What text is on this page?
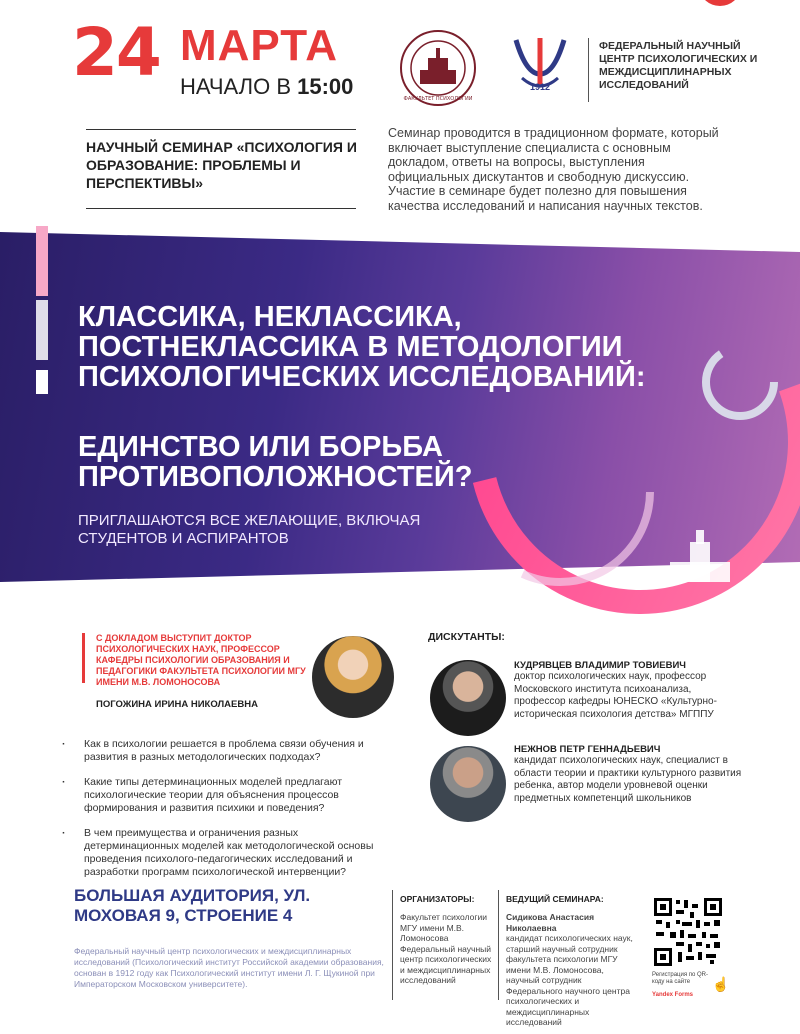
24 МАРТА
НАЧАЛО В 15:00	ФАКУЛЬТЕТ ПСИХОЛОГИИ
1912
ФЕДЕРАЛЬНЫЙ НАУЧНЫЙ ЦЕНТР ПСИХОЛОГИЧЕСКИХ И МЕЖДИСЦИПЛИНАРНЫХ ИССЛЕДОВАНИЙ
НАУЧНЫЙ СЕМИНАР «ПСИХОЛОГИЯ И ОБРАЗОВАНИЕ: ПРОБЛЕМЫ И ПЕРСПЕКТИВЫ»
Семинар проводится в традиционном формате, который включает выступление специалиста с основным докладом, ответы на вопросы, выступления официальных дискутантов и свободную дискуссию. Участие в семинаре будет полезно для повышения качества исследований и написания научных текстов.
КЛАССИКА, НЕКЛАССИКА, ПОСТНЕКЛАССИКА В МЕТОДОЛОГИИ ПСИХОЛОГИЧЕСКИХ ИССЛЕДОВАНИЙ:
ЕДИНСТВО ИЛИ БОРЬБА ПРОТИВОПОЛОЖНОСТЕЙ?
ПРИГЛАШАЮТСЯ ВСЕ ЖЕЛАЮЩИЕ, ВКЛЮЧАЯ СТУДЕНТОВ И АСПИРАНТОВ
С ДОКЛАДОМ ВЫСТУПИТ ДОКТОР ПСИХОЛОГИЧЕСКИХ НАУК, ПРОФЕССОР КАФЕДРЫ ПСИХОЛОГИИ ОБРАЗОВАНИЯ И ПЕДАГОГИКИ ФАКУЛЬТЕТА ПСИХОЛОГИИ МГУ ИМЕНИ М.В. ЛОМОНОСОВА
ПОГОЖИНА ИРИНА НИКОЛАЕВНА
· Как в психологии решается в проблема связи обучения и развития в разных методологических подходах?
· Какие типы детерминационных моделей предлагают психологические теории для объяснения процессов формирования и развития психики и поведения?
· В чем преимущества и ограничения разных детерминационных моделей как методологической основы проведения психолого-педагогических исследований и разработки программ психологической интервенции?
ДИСКУТАНТЫ:
КУДРЯВЦЕВ ВЛАДИМИР ТОВИЕВИЧ
доктор психологических наук, профессор Московского института психоанализа, профессор кафедры ЮНЕСКО «Культурно-историческая психология детства» МГППУ
НЕЖНОВ ПЕТР ГЕННАДЬЕВИЧ
кандидат психологических наук, специалист в области теории и практики культурного развития ребенка, автор модели уровневой оценки предметных компетенций школьников
БОЛЬШАЯ АУДИТОРИЯ, УЛ. МОХОВАЯ 9, СТРОЕНИЕ 4
Федеральный научный центр психологических и междисциплинарных исследований (Психологический институт Российской академии образования, основан в 1912 году как Психологический институт имени Л. Г. Щукиной при Императорском Московском университете).
ОРГАНИЗАТОРЫ:
Факультет психологии МГУ имени М.В. Ломоносова Федеральный научный центр психологических и междисциплинарных исследований
ВЕДУЩИЙ СЕМИНАРА:
Сидикова Анастасия Николаевна
кандидат психологических наук, старший научный сотрудник факультета психологии МГУ имени М.В. Ломоносова, научный сотрудник Федерального научного центра психологических и междисциплинарных исследований
Регистрация по QR-коду на сайте
Yandex Forms
☝
